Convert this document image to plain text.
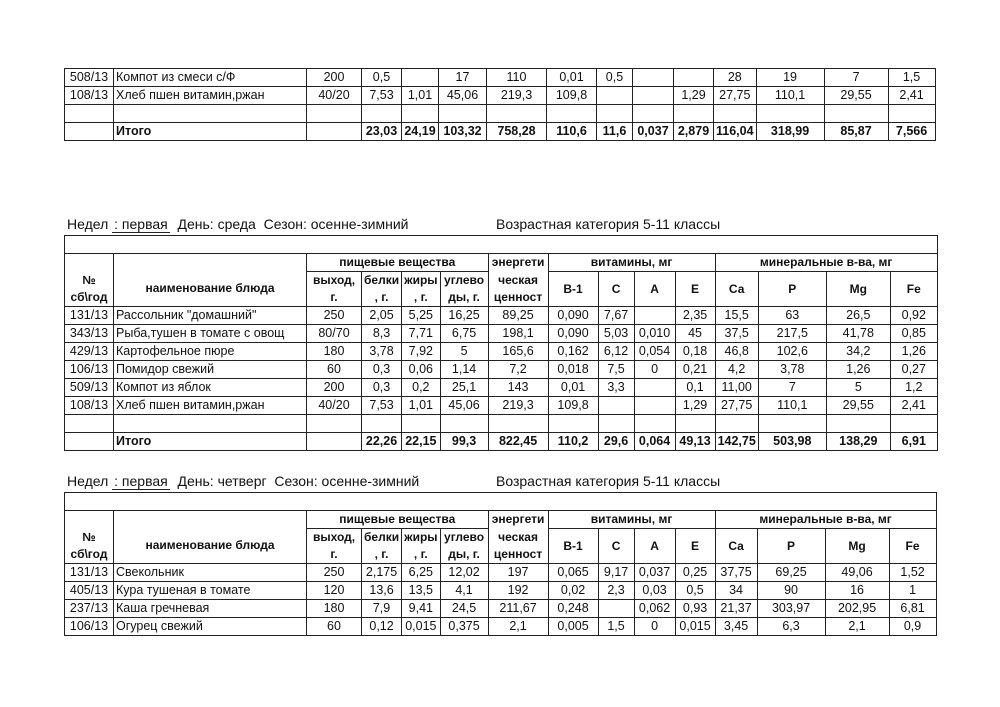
508/13	Компот из смеси с/Ф	200	0,5		17	110	0,01	0,5			28	19	7	1,5
108/13	Хлеб пшен витамин,ржан	40/20	7,53	1,01	45,06	219,3	109,8			1,29	27,75	110,1	29,55	2,41

	Итого		23,03	24,19	103,32	758,28	110,6	11,6	0,037	2,879	116,04	318,99	85,87	7,566
Недел : первая День: среда Сезон: осенне-зимний	Возрастная категория 5-11 классы

		пищевые вещества				энергети	витамины, мг				минеральные в-ва, мг			
№	наименование блюда	выход,	белки	жиры	углево	ческая	В-1	С	А	Е	Са	Р	Mg	Fe
сб\год		г.	, г.	, г.	ды, г.	ценност								
131/13	Рассольник "домашний"	250	2,05	5,25	16,25	89,25	0,090	7,67		2,35	15,5	63	26,5	0,92
343/13	Рыба,тушен в томате с овощ	80/70	8,3	7,71	6,75	198,1	0,090	5,03	0,010	45	37,5	217,5	41,78	0,85
429/13	Картофельное пюре	180	3,78	7,92	5	165,6	0,162	6,12	0,054	0,18	46,8	102,6	34,2	1,26
106/13	Помидор свежий	60	0,3	0,06	1,14	7,2	0,018	7,5	0	0,21	4,2	3,78	1,26	0,27
509/13	Компот из яблок	200	0,3	0,2	25,1	143	0,01	3,3		0,1	11,00	7	5	1,2
108/13	Хлеб пшен витамин,ржан	40/20	7,53	1,01	45,06	219,3	109,8			1,29	27,75	110,1	29,55	2,41

	Итого		22,26	22,15	99,3	822,45	110,2	29,6	0,064	49,13	142,75	503,98	138,29	6,91
Недел : первая День: четверг Сезон: осенне-зимний	Возрастная категория 5-11 классы

		пищевые вещества				энергети	витамины, мг				минеральные в-ва, мг			
№	наименование блюда	выход,	белки	жиры	углево	ческая	В-1	С	А	Е	Са	Р	Mg	Fe
сб\год		г.	, г.	, г.	ды, г.	ценност								
131/13	Свекольник	250	2,175	6,25	12,02	197	0,065	9,17	0,037	0,25	37,75	69,25	49,06	1,52
405/13	Кура тушеная в томате	120	13,6	13,5	4,1	192	0,02	2,3	0,03	0,5	34	90	16	1
237/13	Каша гречневая	180	7,9	9,41	24,5	211,67	0,248		0,062	0,93	21,37	303,97	202,95	6,81
106/13	Огурец свежий	60	0,12	0,015	0,375	2,1	0,005	1,5	0	0,015	3,45	6,3	2,1	0,9
